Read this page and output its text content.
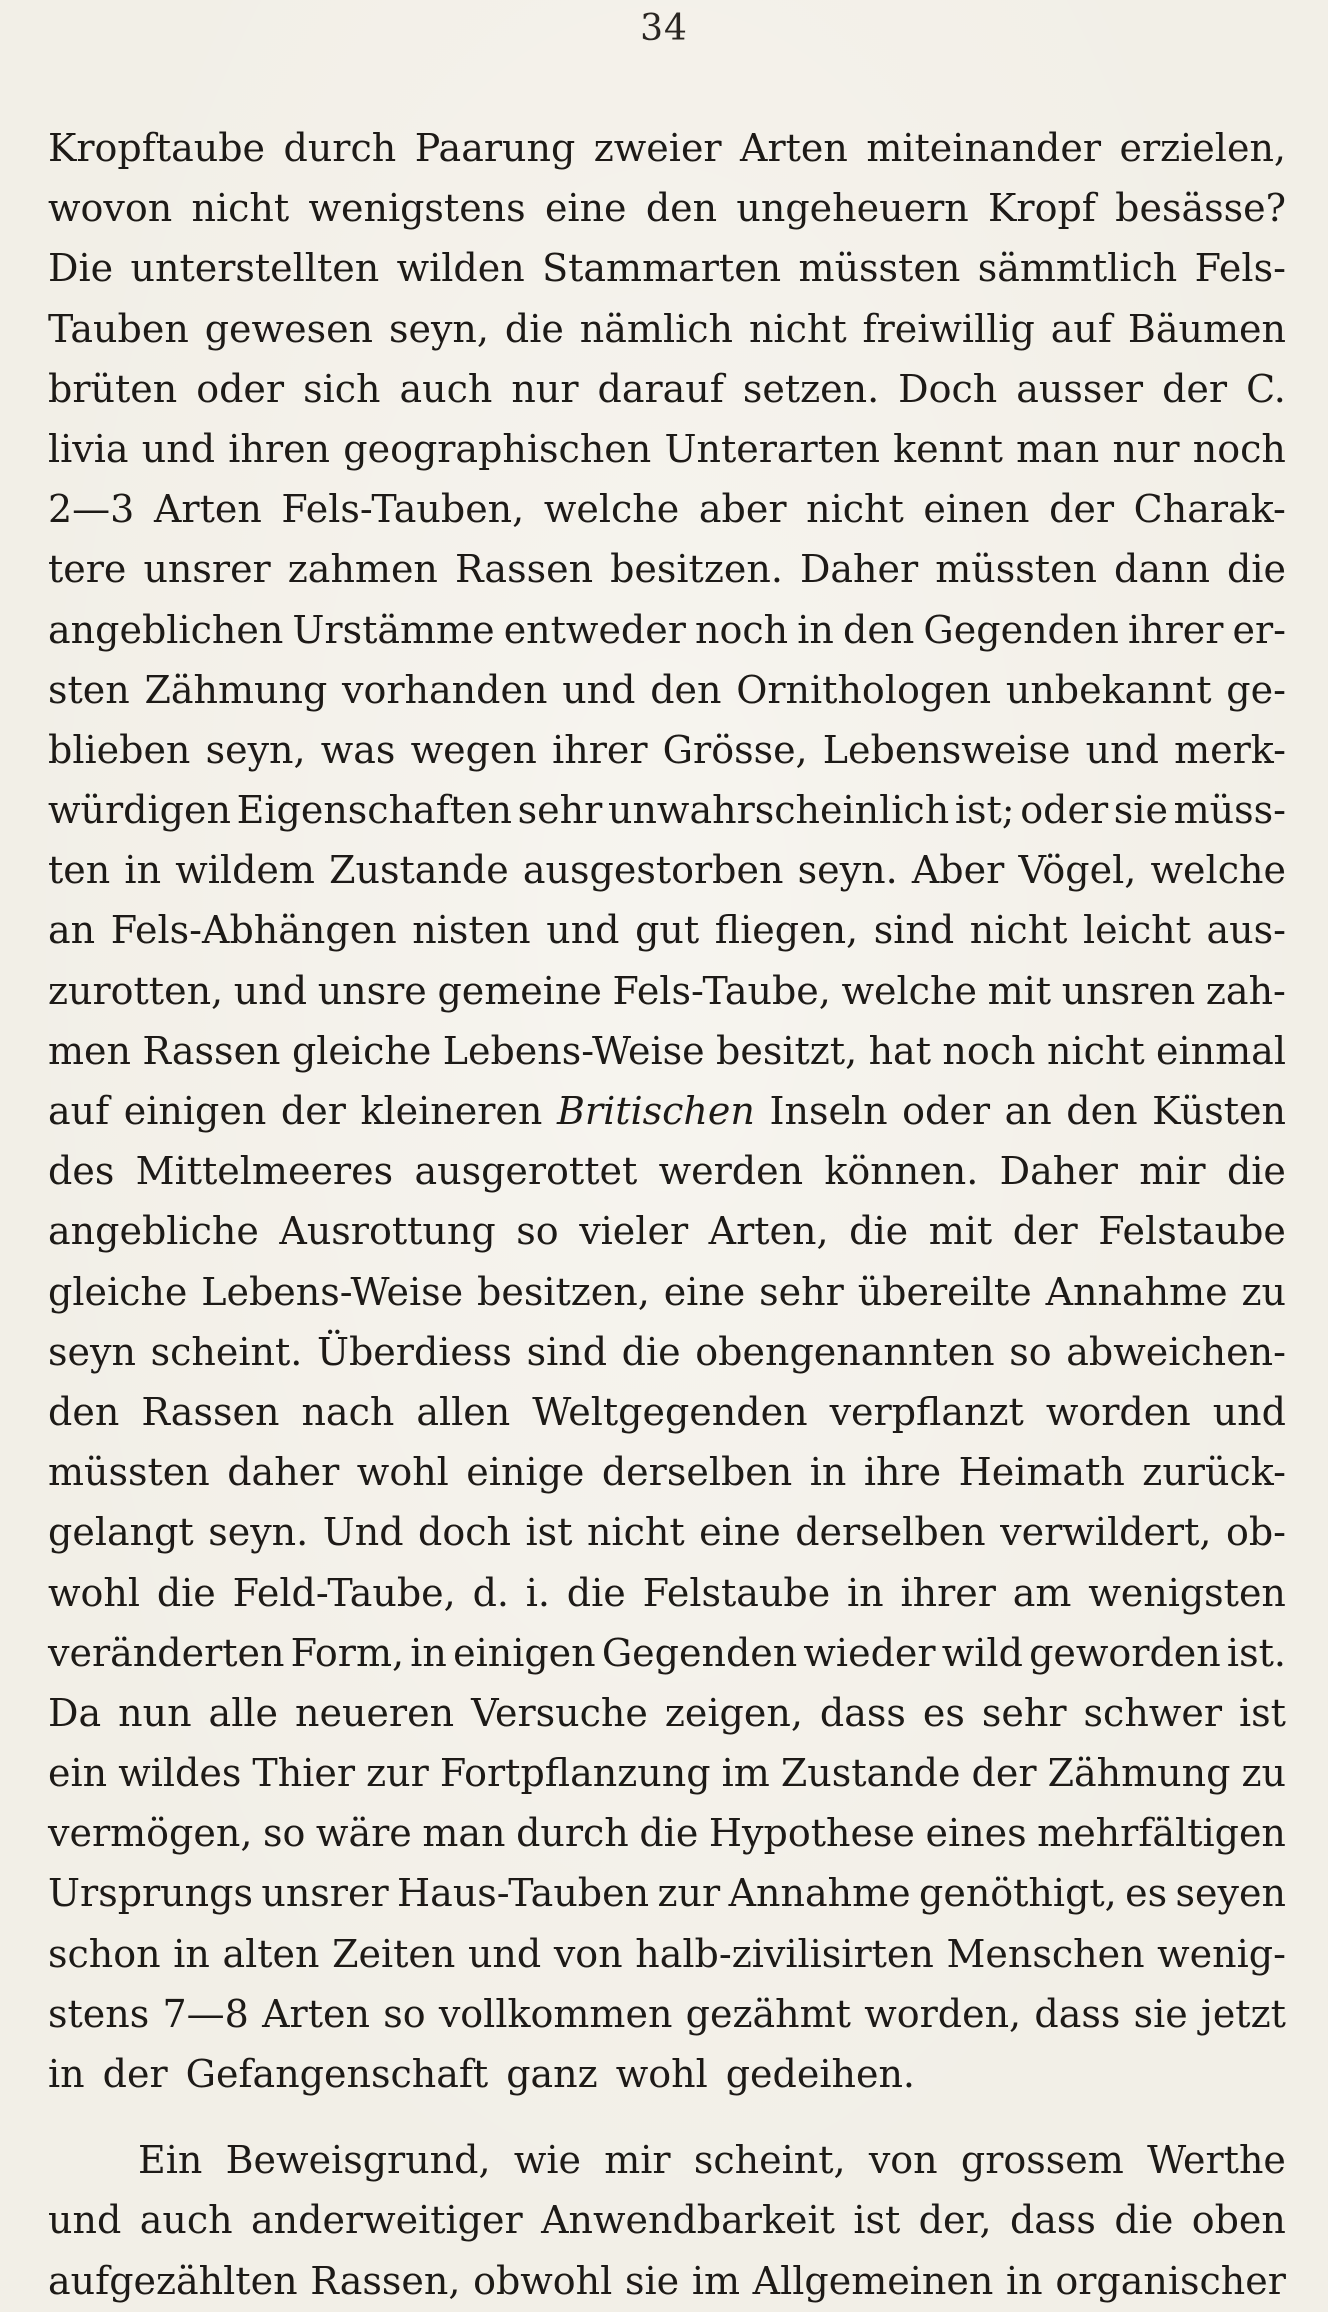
34
Kropftaube durch Paarung zweier Arten miteinander erzielen,
wovon nicht wenigstens eine den ungeheuern Kropf besässe?
Die unterstellten wilden Stammarten müssten sämmtlich Fels-
Tauben gewesen seyn, die nämlich nicht freiwillig auf Bäumen
brüten oder sich auch nur darauf setzen. Doch ausser der C.
livia und ihren geographischen Unterarten kennt man nur noch
2—3 Arten Fels-Tauben, welche aber nicht einen der Charak-
tere unsrer zahmen Rassen besitzen. Daher müssten dann die
angeblichen Urstämme entweder noch in den Gegenden ihrer er-
sten Zähmung vorhanden und den Ornithologen unbekannt ge-
blieben seyn, was wegen ihrer Grösse, Lebensweise und merk-
würdigen Eigenschaften sehr unwahrscheinlich ist; oder sie müss-
ten in wildem Zustande ausgestorben seyn. Aber Vögel, welche
an Fels-Abhängen nisten und gut fliegen, sind nicht leicht aus-
zurotten, und unsre gemeine Fels-Taube, welche mit unsren zah-
men Rassen gleiche Lebens-Weise besitzt, hat noch nicht einmal
auf einigen der kleineren Britischen Inseln oder an den Küsten
des Mittelmeeres ausgerottet werden können. Daher mir die
angebliche Ausrottung so vieler Arten, die mit der Felstaube
gleiche Lebens-Weise besitzen, eine sehr übereilte Annahme zu
seyn scheint. Überdiess sind die obengenannten so abweichen-
den Rassen nach allen Weltgegenden verpflanzt worden und
müssten daher wohl einige derselben in ihre Heimath zurück-
gelangt seyn. Und doch ist nicht eine derselben verwildert, ob-
wohl die Feld-Taube, d. i. die Felstaube in ihrer am wenigsten
veränderten Form, in einigen Gegenden wieder wild geworden ist.
Da nun alle neueren Versuche zeigen, dass es sehr schwer ist
ein wildes Thier zur Fortpflanzung im Zustande der Zähmung zu
vermögen, so wäre man durch die Hypothese eines mehrfältigen
Ursprungs unsrer Haus-Tauben zur Annahme genöthigt, es seyen
schon in alten Zeiten und von halb-zivilisirten Menschen wenig-
stens 7—8 Arten so vollkommen gezähmt worden, dass sie jetzt
in der Gefangenschaft ganz wohl gedeihen.
Ein Beweisgrund, wie mir scheint, von grossem Werthe
und auch anderweitiger Anwendbarkeit ist der, dass die oben
aufgezählten Rassen, obwohl sie im Allgemeinen in organischer
